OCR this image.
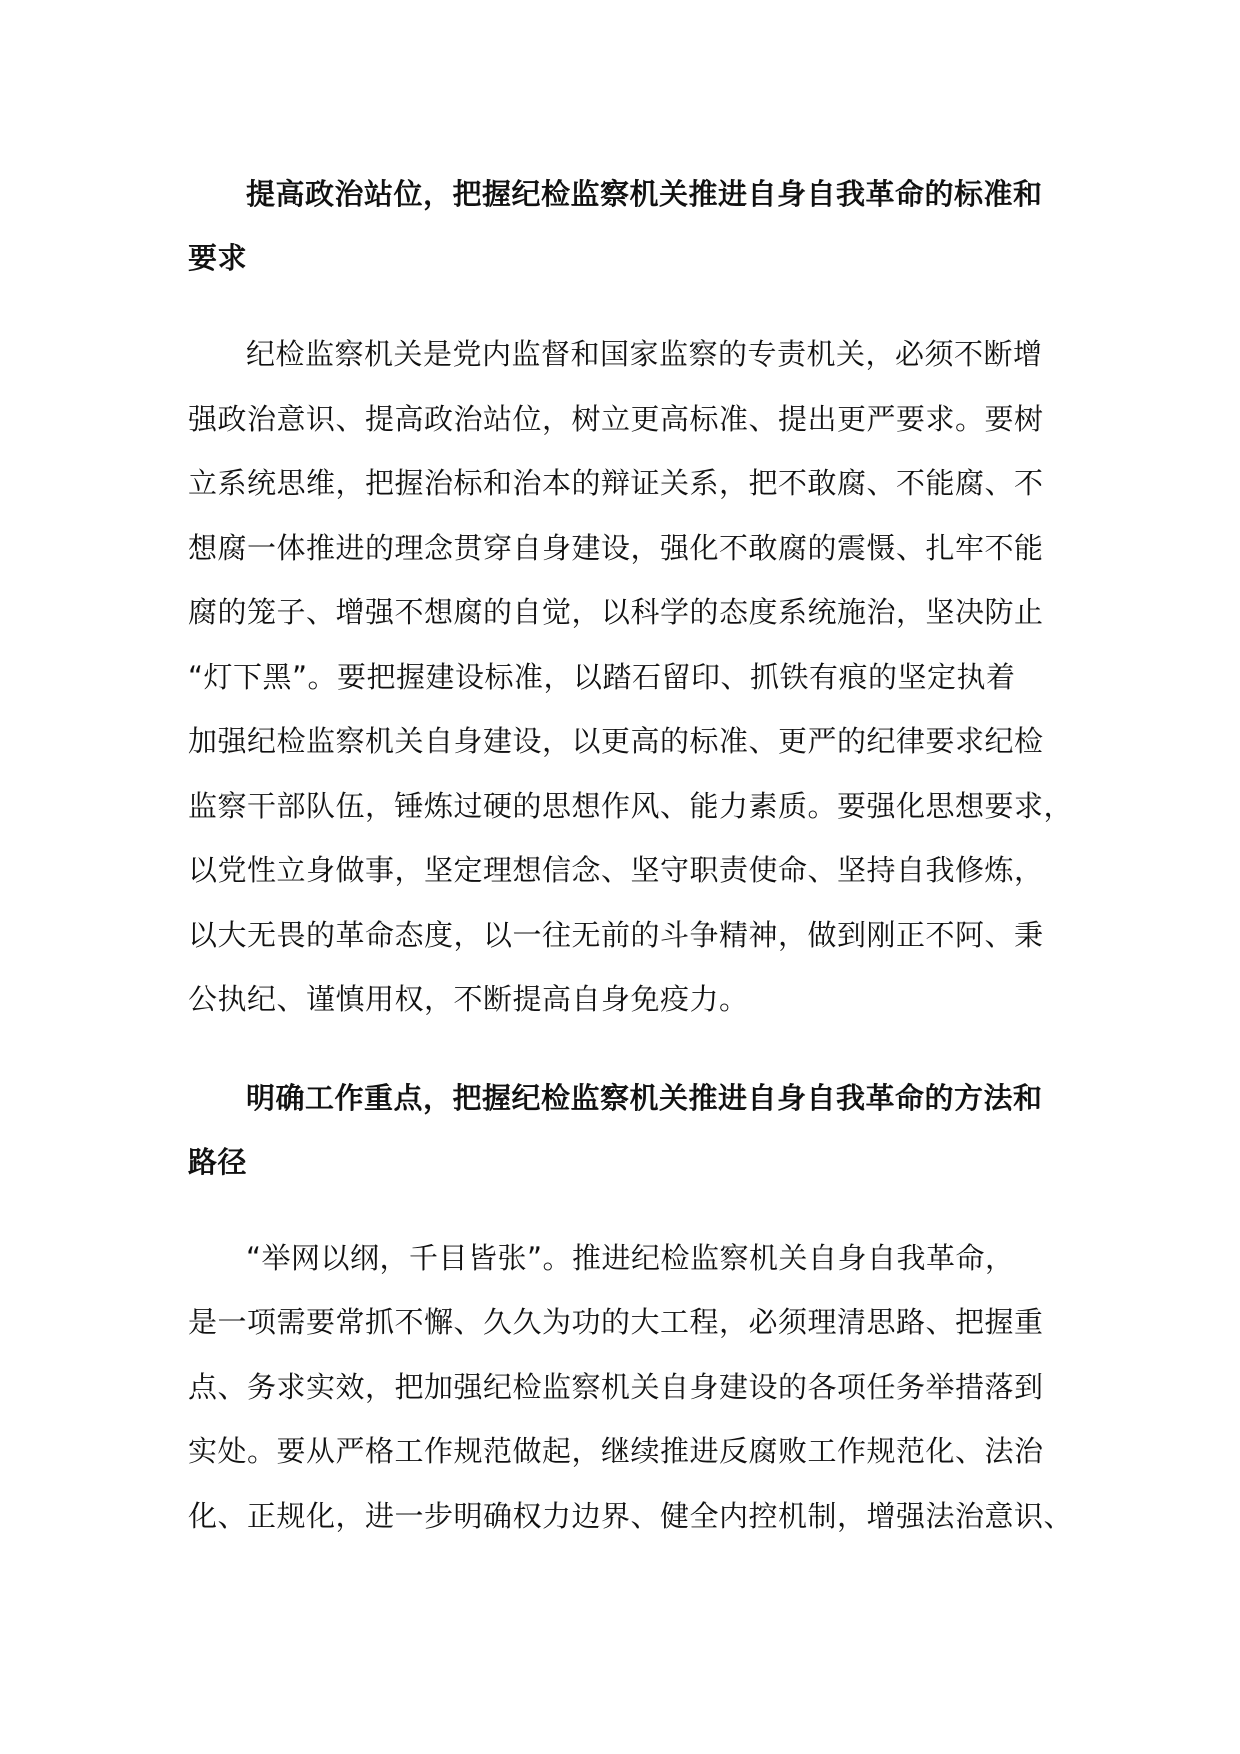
提高政治站位，把握纪检监察机关推进自身自我革命的标准和
要求
纪检监察机关是党内监督和国家监察的专责机关，必须不断增
强政治意识、提高政治站位，树立更高标准、提出更严要求。要树
立系统思维，把握治标和治本的辩证关系，把不敢腐、不能腐、不
想腐一体推进的理念贯穿自身建设，强化不敢腐的震慑、扎牢不能
腐的笼子、增强不想腐的自觉，以科学的态度系统施治，坚决防止
“灯下黑”。要把握建设标准，以踏石留印、抓铁有痕的坚定执着
加强纪检监察机关自身建设，以更高的标准、更严的纪律要求纪检
监察干部队伍，锤炼过硬的思想作风、能力素质。要强化思想要求，
以党性立身做事，坚定理想信念、坚守职责使命、坚持自我修炼，
以大无畏的革命态度，以一往无前的斗争精神，做到刚正不阿、秉
公执纪、谨慎用权，不断提高自身免疫力。
明确工作重点，把握纪检监察机关推进自身自我革命的方法和
路径
“举网以纲，千目皆张”。推进纪检监察机关自身自我革命，
是一项需要常抓不懈、久久为功的大工程，必须理清思路、把握重
点、务求实效，把加强纪检监察机关自身建设的各项任务举措落到
实处。要从严格工作规范做起，继续推进反腐败工作规范化、法治
化、正规化，进一步明确权力边界、健全内控机制，增强法治意识、
